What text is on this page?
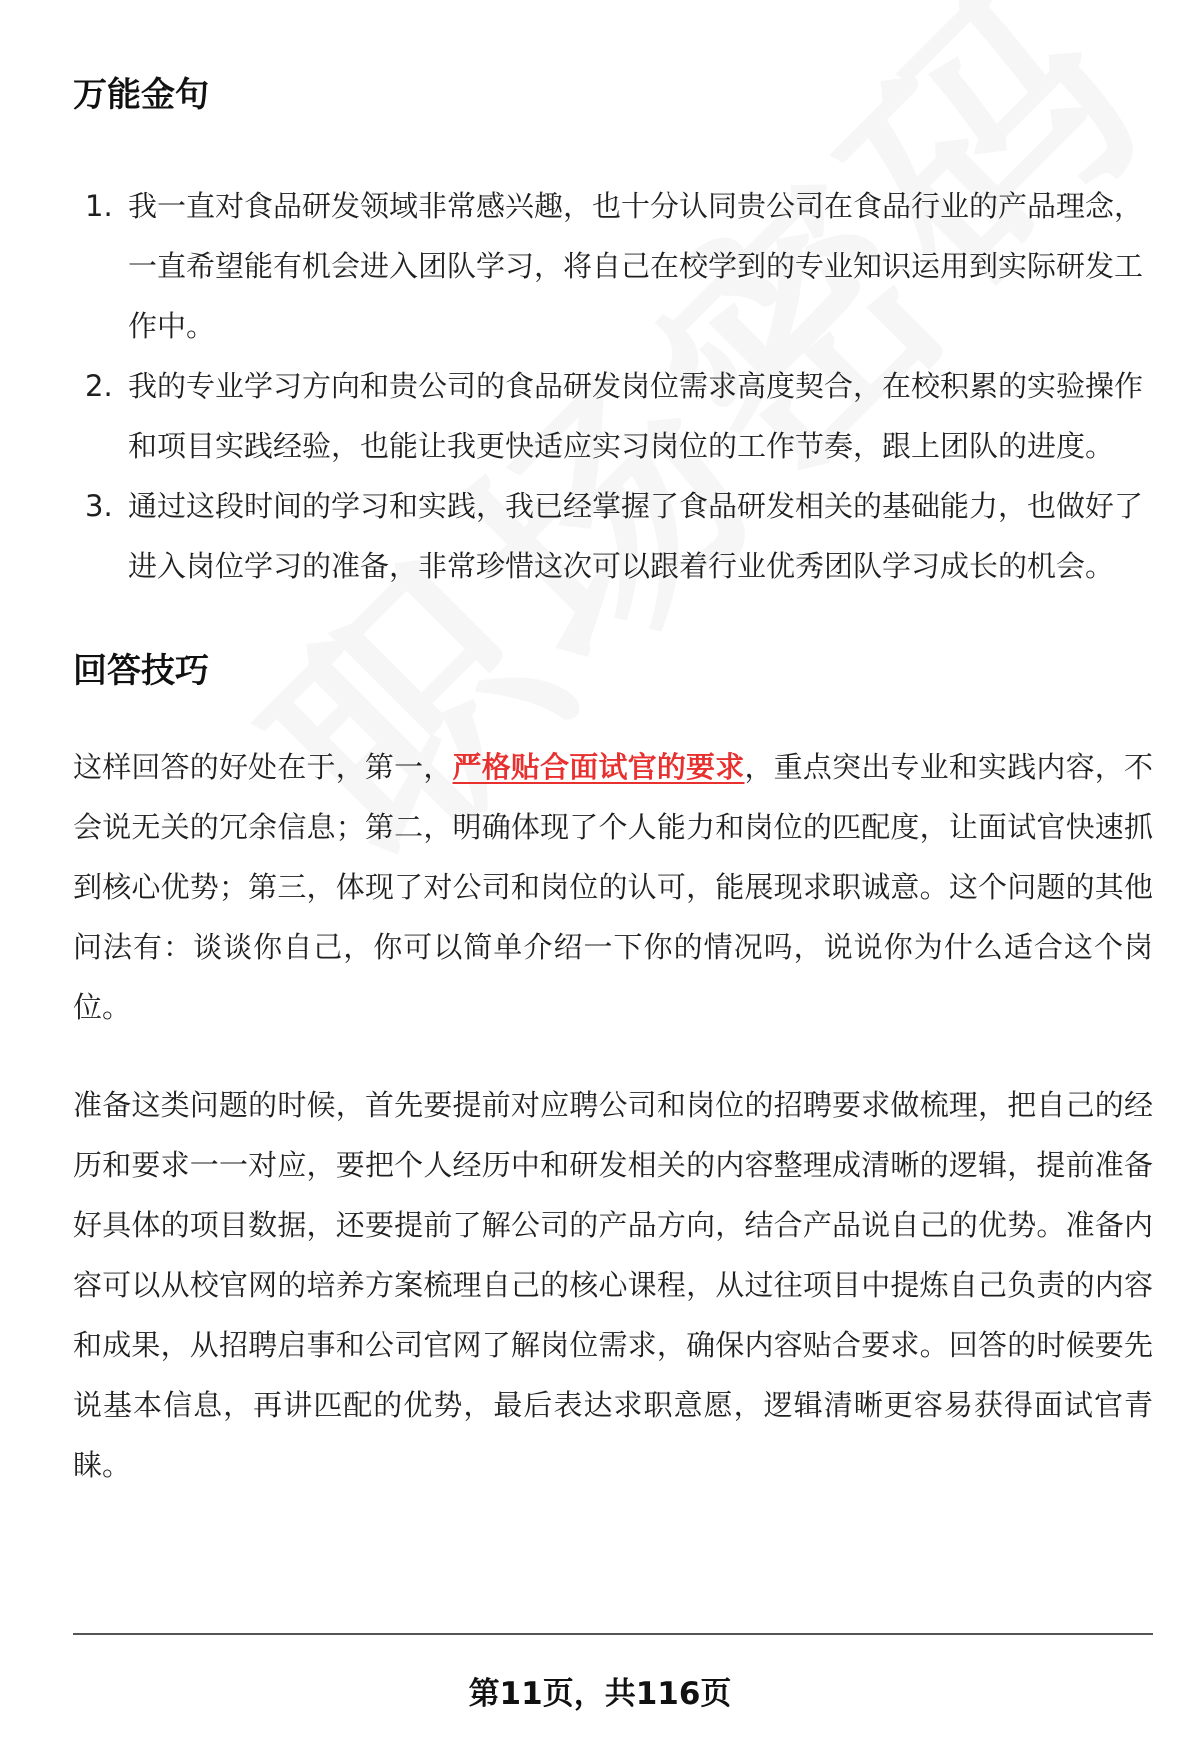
万能金句
1. 我一直对食品研发领域非常感兴趣，也十分认同贵公司在食品行业的产品理念，一直希望能有机会进入团队学习，将自己在校学到的专业知识运用到实际研发工作中。
2. 我的专业学习方向和贵公司的食品研发岗位需求高度契合，在校积累的实验操作和项目实践经验，也能让我更快适应实习岗位的工作节奏，跟上团队的进度。
3. 通过这段时间的学习和实践，我已经掌握了食品研发相关的基础能力，也做好了进入岗位学习的准备，非常珍惜这次可以跟着行业优秀团队学习成长的机会。
回答技巧

这样回答的好处在于，第一，严格贴合面试官的要求，重点突出专业和实践内容，不会说无关的冗余信息；第二，明确体现了个人能力和岗位的匹配度，让面试官快速抓到核心优势；第三，体现了对公司和岗位的认可，能展现求职诚意。这个问题的其他问法有：谈谈你自己，你可以简单介绍一下你的情况吗，说说你为什么适合这个岗位。

准备这类问题的时候，首先要提前对应聘公司和岗位的招聘要求做梳理，把自己的经历和要求一一对应，要把个人经历中和研发相关的内容整理成清晰的逻辑，提前准备好具体的项目数据，还要提前了解公司的产品方向，结合产品说自己的优势。准备内容可以从校官网的培养方案梳理自己的核心课程，从过往项目中提炼自己负责的内容和成果，从招聘启事和公司官网了解岗位需求，确保内容贴合要求。回答的时候要先说基本信息，再讲匹配的优势，最后表达求职意愿，逻辑清晰更容易获得面试官青睐。

第11页，共116页
